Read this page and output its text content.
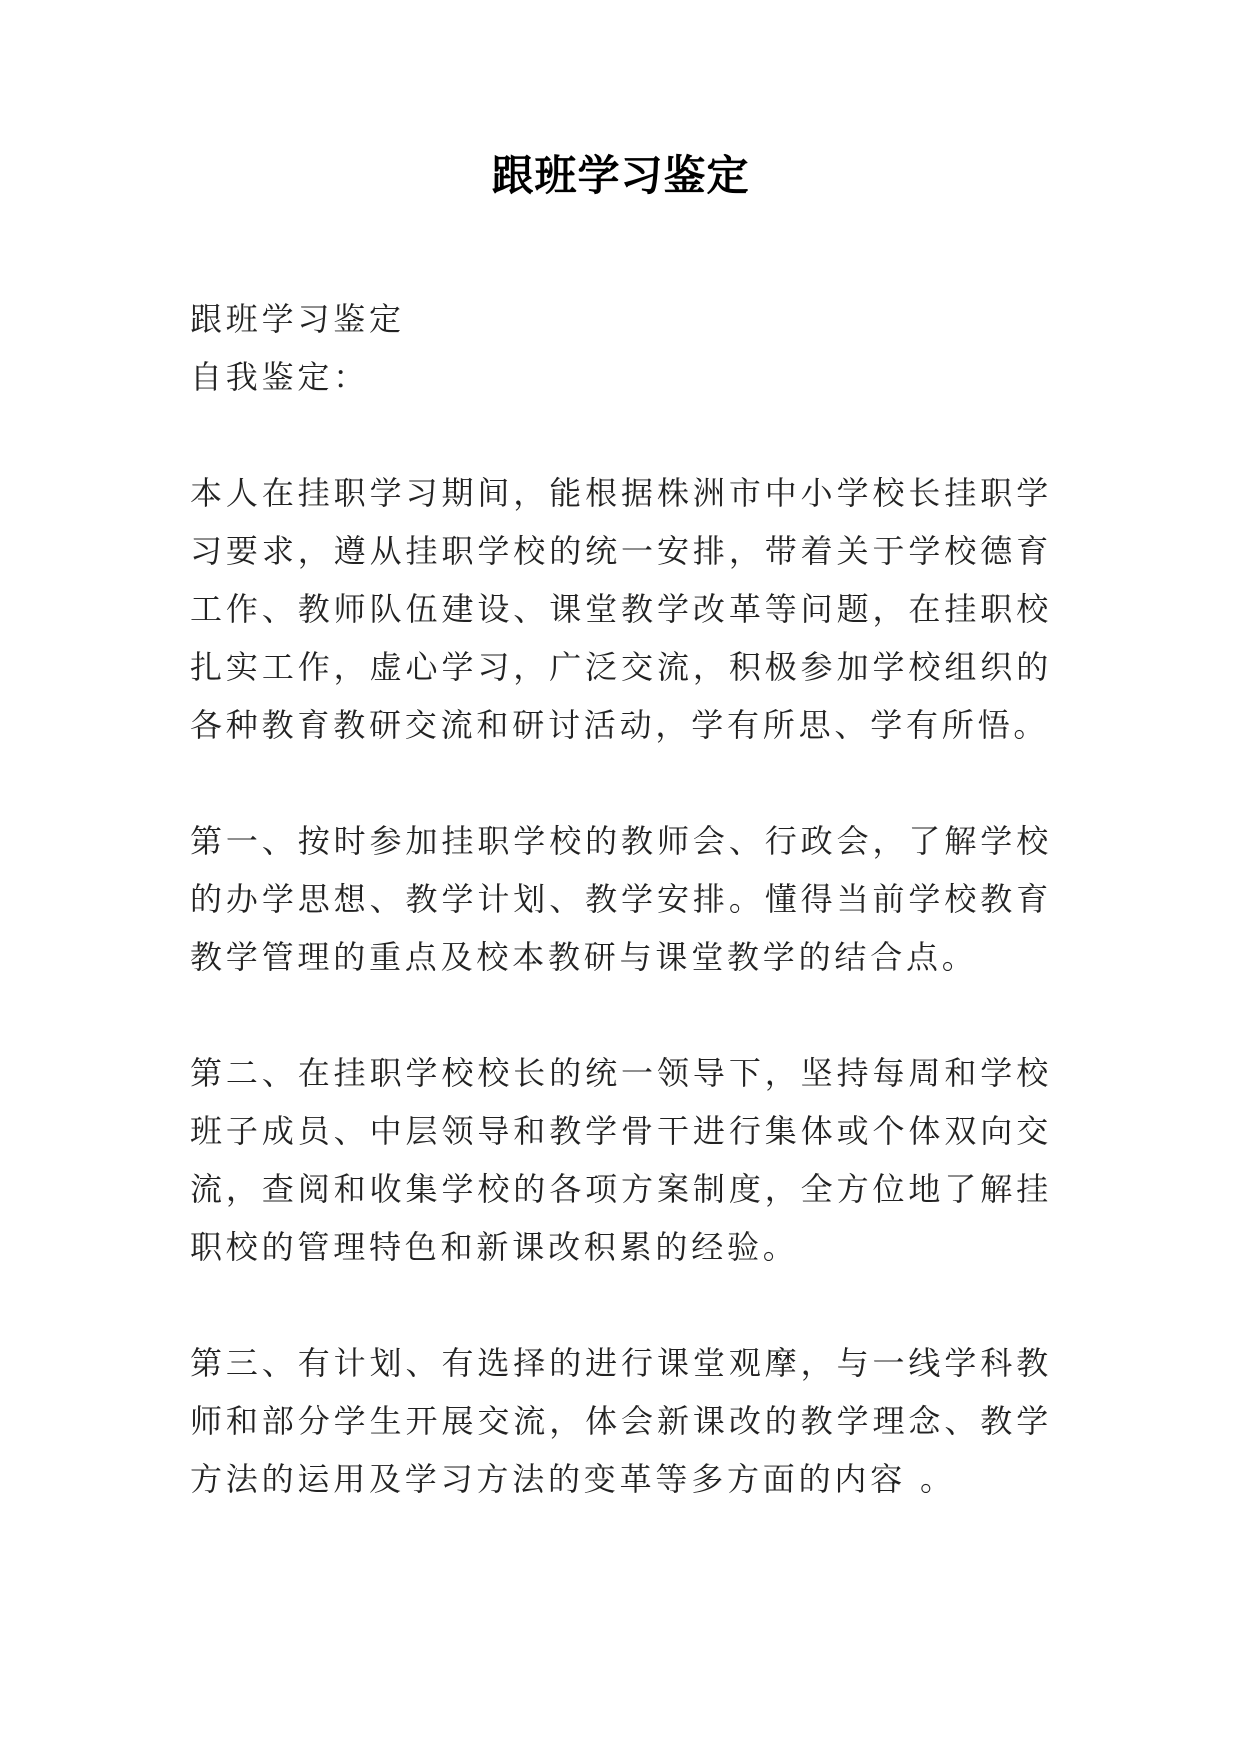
跟班学习鉴定

跟班学习鉴定

自我鉴定：

本人在挂职学习期间，能根据株洲市中小学校长挂职学习要求，遵从挂职学校的统一安排，带着关于学校德育工作、教师队伍建设、课堂教学改革等问题，在挂职校扎实工作，虚心学习，广泛交流，积极参加学校组织的各种教育教研交流和研讨活动，学有所思、学有所悟。

第一、按时参加挂职学校的教师会、行政会，了解学校的办学思想、教学计划、教学安排。懂得当前学校教育教学管理的重点及校本教研与课堂教学的结合点。

第二、在挂职学校校长的统一领导下，坚持每周和学校班子成员、中层领导和教学骨干进行集体或个体双向交流，查阅和收集学校的各项方案制度，全方位地了解挂职校的管理特色和新课改积累的经验。

第三、有计划、有选择的进行课堂观摩，与一线学科教师和部分学生开展交流，体会新课改的教学理念、教学方法的运用及学习方法的变革等多方面的内容 。
